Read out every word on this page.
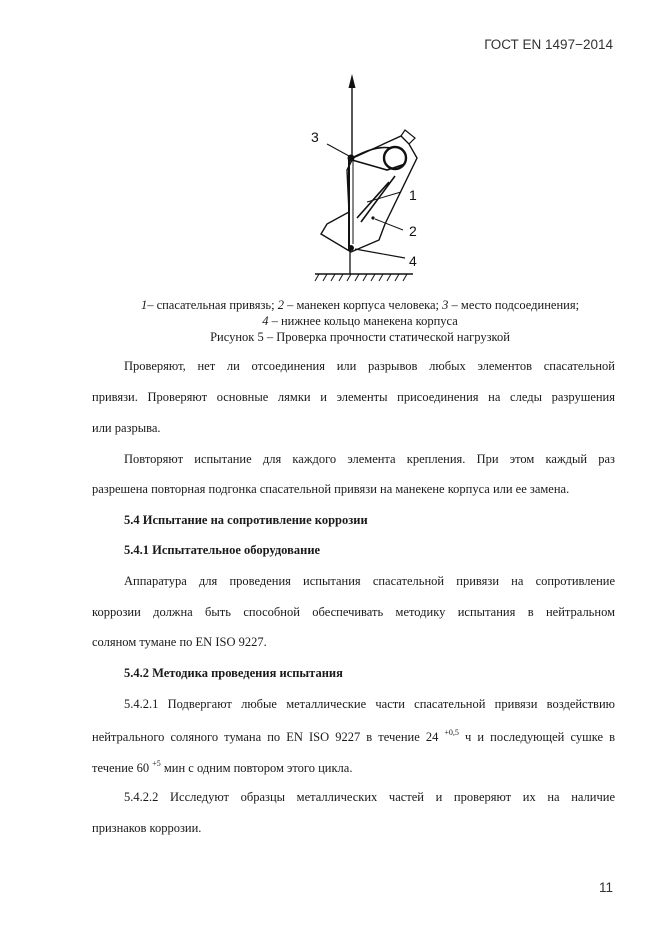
ГОСТ EN 1497−2014
3
1
2
4
1– спасательная привязь; 2 – манекен корпуса человека; 3 – место подсоединения;
4 – нижнее кольцо манекена корпуса
Рисунок 5 – Проверка прочности статической нагрузкой
Проверяют, нет ли отсоединения или разрывов любых элементов спасательной
привязи. Проверяют основные лямки и элементы присоединения на следы разрушения
или разрыва.
Повторяют испытание для каждого элемента крепления. При этом каждый раз
разрешена повторная подгонка спасательной привязи на манекене корпуса или ее замена.
5.4 Испытание на сопротивление коррозии
5.4.1 Испытательное оборудование
Аппаратура для проведения испытания спасательной привязи на сопротивление
коррозии должна быть способной обеспечивать методику испытания в нейтральном
соляном тумане по EN ISO 9227.
5.4.2 Методика проведения испытания
5.4.2.1 Подвергают любые металлические части спасательной привязи воздействию
нейтрального соляного тумана по EN ISO 9227 в течение 24 $^{+0,5}$ ч и последующей сушке в
течение 60 $^{+5}$ мин с одним повтором этого цикла.
5.4.2.2 Исследуют образцы металлических частей и проверяют их на наличие
признаков коррозии.
11
